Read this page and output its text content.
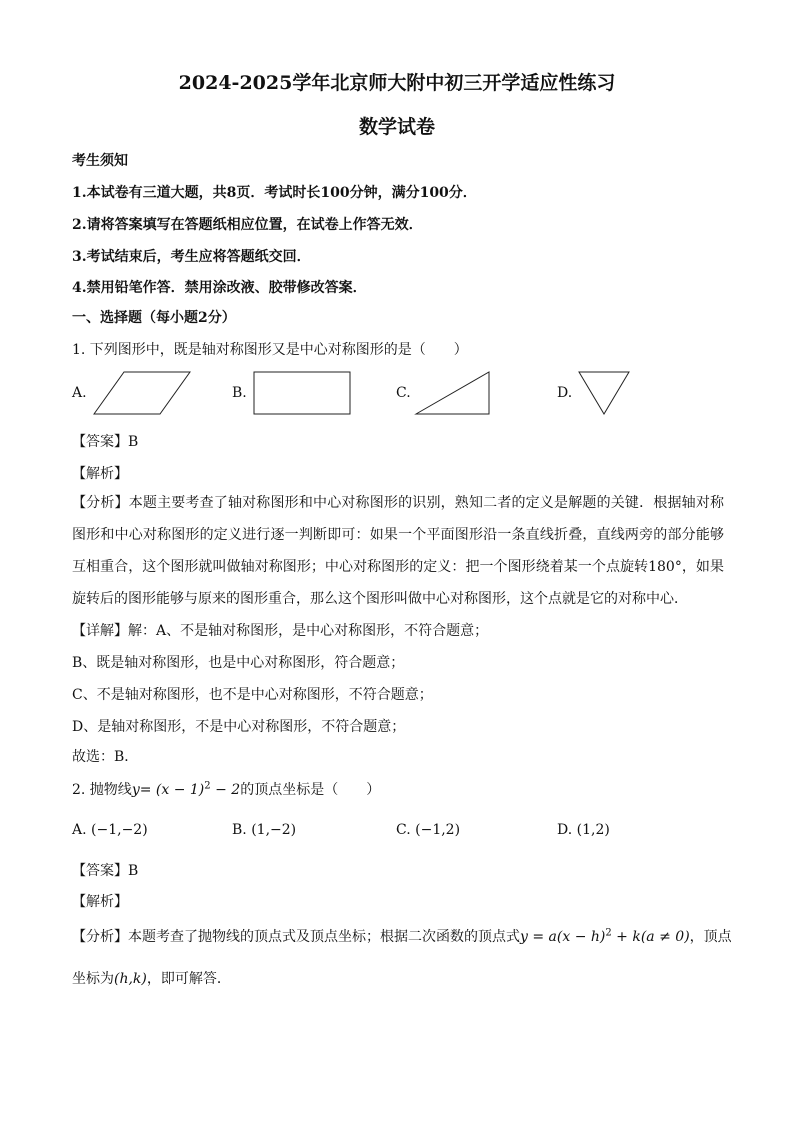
2024-2025学年北京师大附中初三开学适应性练习
数学试卷
考生须知
1.本试卷有三道大题，共8页．考试时长100分钟，满分100分．
2.请将答案填写在答题纸相应位置，在试卷上作答无效．
3.考试结束后，考生应将答题纸交回．
4.禁用铅笔作答．禁用涂改液、胶带修改答案．
一、选择题（每小题2分）
1. 下列图形中，既是轴对称图形又是中心对称图形的是（　　）
A.	B.	C.	D.
【答案】B
【解析】
【分析】本题主要考查了轴对称图形和中心对称图形的识别，熟知二者的定义是解题的关键．根据轴对称图形和中心对称图形的定义进行逐一判断即可：如果一个平面图形沿一条直线折叠，直线两旁的部分能够互相重合，这个图形就叫做轴对称图形；中心对称图形的定义：把一个图形绕着某一个点旋转180°，如果旋转后的图形能够与原来的图形重合，那么这个图形叫做中心对称图形，这个点就是它的对称中心．
【详解】解：A、不是轴对称图形，是中心对称图形，不符合题意；
B、既是轴对称图形，也是中心对称图形，符合题意；
C、不是轴对称图形，也不是中心对称图形，不符合题意；
D、是轴对称图形，不是中心对称图形，不符合题意；
故选：B．
2. 抛物线$y= (x - 1)^2 - 2$的顶点坐标是（　　）
A. (−1,−2)	B. (1,−2)	C. (−1,2)	D. (1,2)
【答案】B
【解析】
【分析】本题考查了抛物线的顶点式及顶点坐标；根据二次函数的顶点式$y = a(x - h)^2 + k(a \ne 0)$，顶点
坐标为(h,k)，即可解答．
